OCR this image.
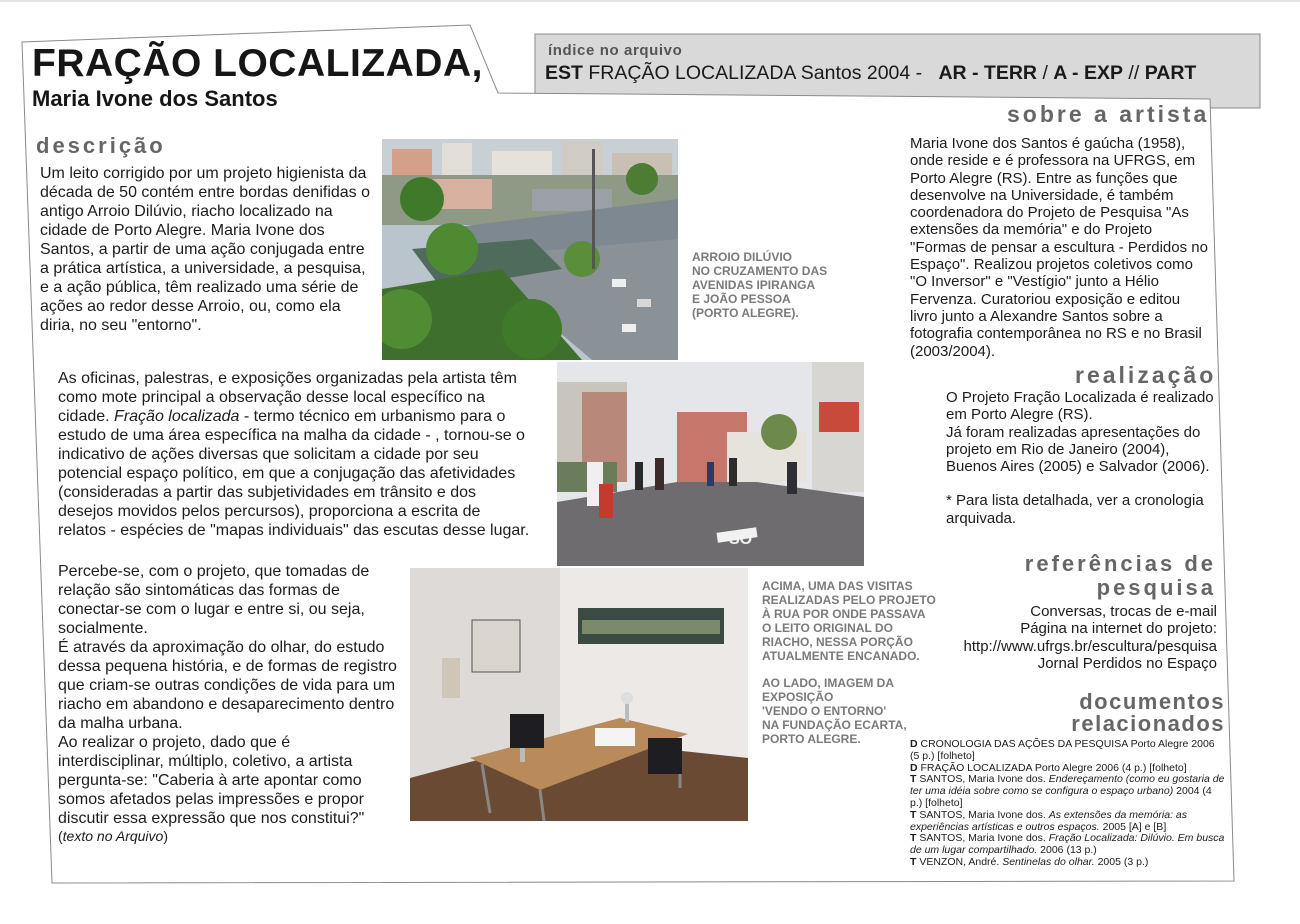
FRAÇÃO LOCALIZADA,
Maria Ivone dos Santos
índice no arquivo
EST FRAÇÃO LOCALIZADA Santos 2004 - AR - TERR / A - EXP // PART
descrição

Um leito corrigido por um projeto higienista da década de 50 contém entre bordas denifidas o antigo Arroio Dilúvio, riacho localizado na cidade de Porto Alegre. Maria Ivone dos Santos, a partir de uma ação conjugada entre a prática artística, a universidade, a pesquisa, e a ação pública, têm realizado uma série de ações ao redor desse Arroio, ou, como ela diria, no seu "entorno".

As oficinas, palestras, e exposições organizadas pela artista têm como mote principal a observação desse local específico na cidade. Fração localizada - termo técnico em urbanismo para o estudo de uma área específica na malha da cidade - , tornou-se o indicativo de ações diversas que solicitam a cidade por seu potencial espaço político, em que a conjugação das afetividades (consideradas a partir das subjetividades em trânsito e dos desejos movidos pelos percursos), proporciona a escrita de relatos - espécies de "mapas individuais" das escutas desse lugar.

Percebe-se, com o projeto, que tomadas de relação são sintomáticas das formas de conectar-se com o lugar e entre si, ou seja, socialmente.

É através da aproximação do olhar, do estudo dessa pequena história, e de formas de registro que criam-se outras condições de vida para um riacho em abandono e desaparecimento dentro da malha urbana.

Ao realizar o projeto, dado que é interdisciplinar, múltiplo, coletivo, a artista pergunta-se: "Caberia à arte apontar como somos afetados pelas impressões e propor discutir essa expressão que nos constitui?"

(texto no Arquivo)

ARROIO DILÚVIO
NO CRUZAMENTO DAS
AVENIDAS IPIRANGA
E JOÃO PESSOA
(PORTO ALEGRE).
SO
ACIMA, UMA DAS VISITAS
REALIZADAS PELO PROJETO
À RUA POR ONDE PASSAVA
O LEITO ORIGINAL DO
RIACHO, NESSA PORÇÃO
ATUALMENTE ENCANADO.
AO LADO, IMAGEM DA
EXPOSIÇÃO
'VENDO O ENTORNO'
NA FUNDAÇÃO ECARTA,
PORTO ALEGRE.
sobre a artista

Maria Ivone dos Santos é gaúcha (1958), onde reside e é professora na UFRGS, em Porto Alegre (RS). Entre as funções que desenvolve na Universidade, é também coordenadora do Projeto de Pesquisa "As extensões da memória" e do Projeto "Formas de pensar a escultura - Perdidos no Espaço". Realizou projetos coletivos como "O Inversor" e "Vestígio" junto a Hélio Fervenza. Curatoriou exposição e editou livro junto a Alexandre Santos sobre a fotografia contemporânea no RS e no Brasil (2003/2004).

realização

O Projeto Fração Localizada é realizado em Porto Alegre (RS).

Já foram realizadas apresentações do projeto em Rio de Janeiro (2004), Buenos Aires (2005) e Salvador (2006).

* Para lista detalhada, ver a cronologia arquivada.

referências de
pesquisa
Conversas, trocas de e-mail
Página na internet do projeto:
http://www.ufrgs.br/escultura/pesquisa
Jornal Perdidos no Espaço
documentos
relacionados
D CRONOLOGIA DAS AÇÕES DA PESQUISA Porto Alegre 2006 (5 p.) [folheto]
D FRAÇÃO LOCALIZADA Porto Alegre 2006 (4 p.) [folheto]
T SANTOS, Maria Ivone dos. Endereçamento (como eu gostaria de ter uma idéia sobre como se configura o espaço urbano) 2004 (4 p.) [folheto]
T SANTOS, Maria Ivone dos. As extensões da memória: as experiências artísticas e outros espaços. 2005 [A] e [B]
T SANTOS, Maria Ivone dos. Fração Localizada: Dilúvio. Em busca de um lugar compartilhado. 2006 (13 p.)
T VENZON, André. Sentinelas do olhar. 2005 (3 p.)
